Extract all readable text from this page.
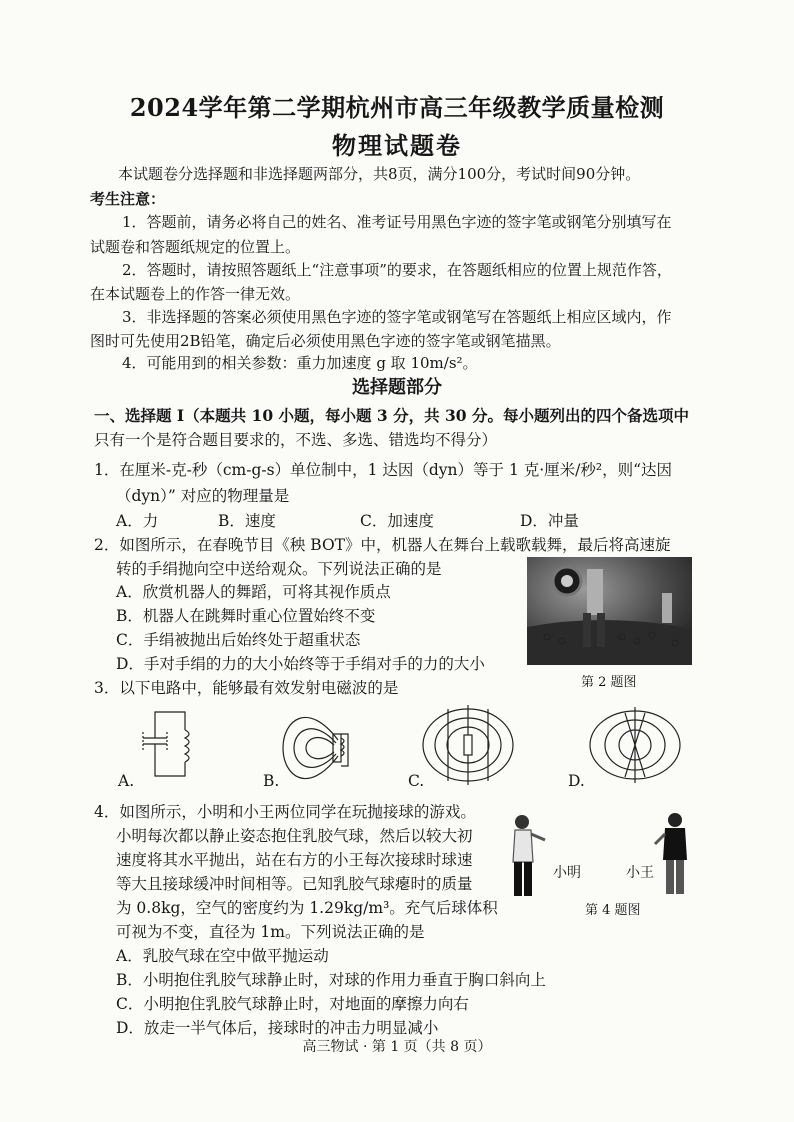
2024学年第二学期杭州市高三年级教学质量检测
物理试题卷
本试题卷分选择题和非选择题两部分，共8页，满分100分，考试时间90分钟。
考生注意：
1．答题前，请务必将自己的姓名、准考证号用黑色字迹的签字笔或钢笔分别填写在
试题卷和答题纸规定的位置上。
2．答题时，请按照答题纸上“注意事项”的要求，在答题纸相应的位置上规范作答，
在本试题卷上的作答一律无效。
3．非选择题的答案必须使用黑色字迹的签字笔或钢笔写在答题纸上相应区域内，作
图时可先使用2B铅笔，确定后必须使用黑色字迹的签字笔或钢笔描黑。
4．可能用到的相关参数：重力加速度 g 取 10m/s²。
选择题部分
一、选择题 I（本题共 10 小题，每小题 3 分，共 30 分。每小题列出的四个备选项中
只有一个是符合题目要求的，不选、多选、错选均不得分）
1．在厘米-克-秒（cm-g-s）单位制中，1 达因（dyn）等于 1 克·厘米/秒²，则“达因
（dyn）” 对应的物理量是
A．力	B．速度	C．加速度	D．冲量
2．如图所示，在春晚节目《秧 BOT》中，机器人在舞台上载歌载舞，最后将高速旋
转的手绢抛向空中送给观众。下列说法正确的是
A．欣赏机器人的舞蹈，可将其视作质点
B．机器人在跳舞时重心位置始终不变
C．手绢被抛出后始终处于超重状态
D．手对手绢的力的大小始终等于手绢对手的力的大小
第 2 题图
3．以下电路中，能够最有效发射电磁波的是
A.	B.	C.	D.
4．如图所示，小明和小王两位同学在玩抛接球的游戏。
小明每次都以静止姿态抱住乳胶气球，然后以较大初
速度将其水平抛出，站在右方的小王每次接球时球速
等大且接球缓冲时间相等。已知乳胶气球瘪时的质量
为 0.8kg，空气的密度约为 1.29kg/m³。充气后球体积
可视为不变，直径为 1m。下列说法正确的是
A．乳胶气球在空中做平抛运动
B．小明抱住乳胶气球静止时，对球的作用力垂直于胸口斜向上
C．小明抱住乳胶气球静止时，对地面的摩擦力向右
D．放走一半气体后，接球时的冲击力明显减小
小明	小王
第 4 题图
高三物试 · 第 1 页（共 8 页）
